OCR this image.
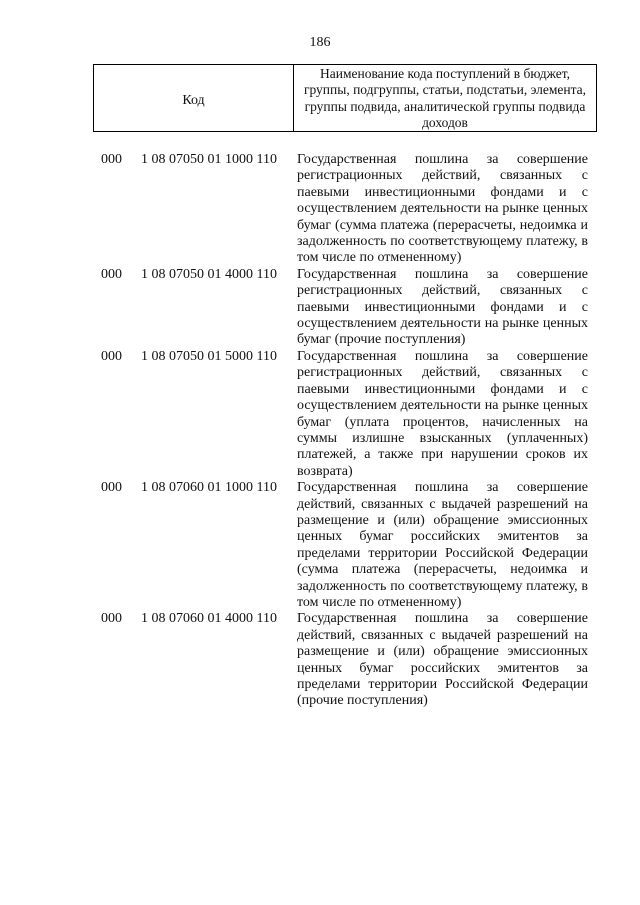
186
Код
Наименование кода поступлений в бюджет, группы, подгруппы, статьи, подстатьи, элемента, группы подвида, аналитической группы подвида доходов
000 1 08 07050 01 1000 110 Государственная пошлина за совершение регистрационных действий, связанных с паевыми инвестиционными фондами и с осуществлением деятельности на рынке ценных бумаг (сумма платежа (перерасчеты, недоимка и задолженность по соответствующему платежу, в том числе по отмененному)
000 1 08 07050 01 4000 110 Государственная пошлина за совершение регистрационных действий, связанных с паевыми инвестиционными фондами и с осуществлением деятельности на рынке ценных бумаг (прочие поступления)
000 1 08 07050 01 5000 110 Государственная пошлина за совершение регистрационных действий, связанных с паевыми инвестиционными фондами и с осуществлением деятельности на рынке ценных бумаг (уплата процентов, начисленных на суммы излишне взысканных (уплаченных) платежей, а также при нарушении сроков их возврата)
000 1 08 07060 01 1000 110 Государственная пошлина за совершение действий, связанных с выдачей разрешений на размещение и (или) обращение эмиссионных ценных бумаг российских эмитентов за пределами территории Российской Федерации (сумма платежа (перерасчеты, недоимка и задолженность по соответствующему платежу, в том числе по отмененному)
000 1 08 07060 01 4000 110 Государственная пошлина за совершение действий, связанных с выдачей разрешений на размещение и (или) обращение эмиссионных ценных бумаг российских эмитентов за пределами территории Российской Федерации (прочие поступления)
